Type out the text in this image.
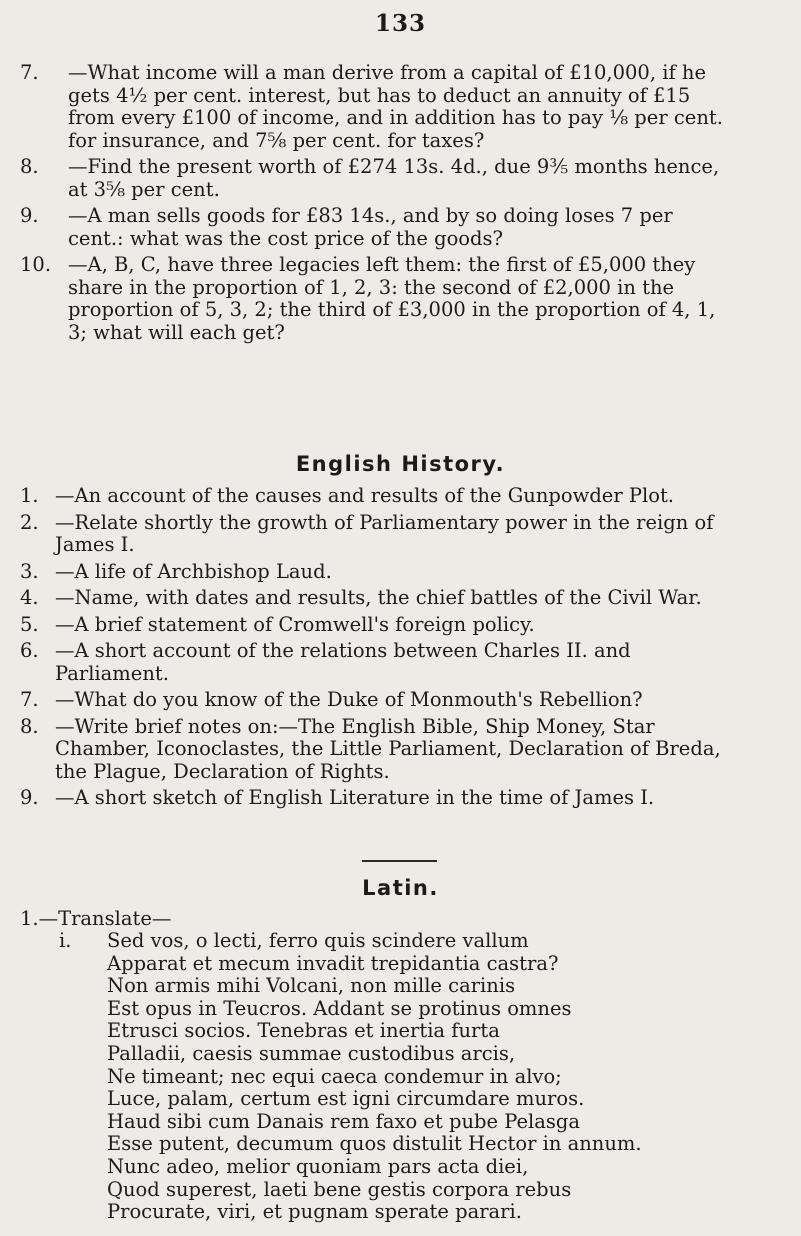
133
7. —What income will a man derive from a capital of £10,000, if he gets 4½ per cent. interest, but has to deduct an annuity of £15 from every £100 of income, and in addition has to pay ⅛ per cent. for insurance, and 7⅝ per cent. for taxes?
8. —Find the present worth of £274 13s. 4d., due 9⅗ months hence, at 3⅝ per cent.
9. —A man sells goods for £83 14s., and by so doing loses 7 per cent.: what was the cost price of the goods?
10. —A, B, C, have three legacies left them: the first of £5,000 they share in the proportion of 1, 2, 3: the second of £2,000 in the proportion of 5, 3, 2; the third of £3,000 in the proportion of 4, 1, 3; what will each get?
English History.
1. —An account of the causes and results of the Gunpowder Plot.
2. —Relate shortly the growth of Parliamentary power in the reign of James I.
3. —A life of Archbishop Laud.
4. —Name, with dates and results, the chief battles of the Civil War.
5. —A brief statement of Cromwell's foreign policy.
6. —A short account of the relations between Charles II. and Parliament.
7. —What do you know of the Duke of Monmouth's Rebellion?
8. —Write brief notes on:—The English Bible, Ship Money, Star Chamber, Iconoclastes, the Little Parliament, Declaration of Breda, the Plague, Declaration of Rights.
9. —A short sketch of English Literature in the time of James I.
Latin.
1.—Translate—
i. Sed vos, o lecti, ferro quis scindere vallum
Apparat et mecum invadit trepidantia castra?
Non armis mihi Volcani, non mille carinis
Est opus in Teucros. Addant se protinus omnes
Etrusci socios. Tenebras et inertia furta
Palladii, caesis summae custodibus arcis,
Ne timeant; nec equi caeca condemur in alvo;
Luce, palam, certum est igni circumdare muros.
Haud sibi cum Danais rem faxo et pube Pelasga
Esse putent, decumum quos distulit Hector in annum.
Nunc adeo, melior quoniam pars acta diei,
Quod superest, laeti bene gestis corpora rebus
Procurate, viri, et pugnam sperate parari.
